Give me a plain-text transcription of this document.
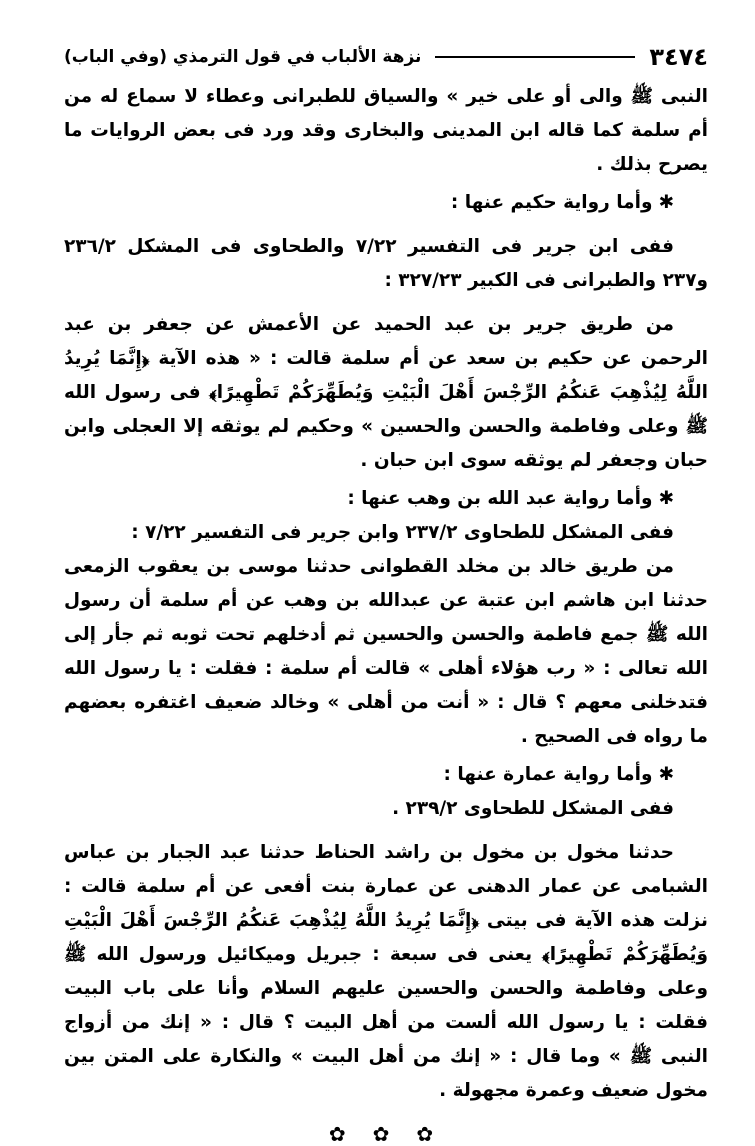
٣٤٧٤
نزهة الألباب في قول الترمذي (وفي الباب)

النبى ﷺ والى أو على خير » والسياق للطبرانى وعطاء لا سماع له من أم سلمة كما قاله ابن المدينى والبخارى وقد ورد فى بعض الروايات ما يصرح بذلك .

✱وأما رواية حكيم عنها :

ففى ابن جرير فى التفسير ٧/٢٢ والطحاوى فى المشكل ٢٣٦/٢ و٢٣٧ والطبرانى فى الكبير ٣٢٧/٢٣ :

من طريق جرير بن عبد الحميد عن الأعمش عن جعفر بن عبد الرحمن عن حكيم بن سعد عن أم سلمة قالت : « هذه الآية ﴿إِنَّمَا يُرِيدُ اللَّهُ لِيُذْهِبَ عَنكُمُ الرِّجْسَ أَهْلَ الْبَيْتِ وَيُطَهِّرَكُمْ تَطْهِيرًا﴾ فى رسول الله ﷺ وعلى وفاطمة والحسن والحسين » وحكيم لم يوثقه إلا العجلى وابن حبان وجعفر لم يوثقه سوى ابن حبان .

✱وأما رواية عبد الله بن وهب عنها :

ففى المشكل للطحاوى ٢٣٧/٢ وابن جرير فى التفسير ٧/٢٢ :

من طريق خالد بن مخلد القطوانى حدثنا موسى بن يعقوب الزمعى حدثنا ابن هاشم ابن عتبة عن عبدالله بن وهب عن أم سلمة أن رسول الله ﷺ جمع فاطمة والحسن والحسين ثم أدخلهم تحت ثوبه ثم جأر إلى الله تعالى : « رب هؤلاء أهلى » قالت أم سلمة : فقلت : يا رسول الله فتدخلنى معهم ؟ قال : « أنت من أهلى » وخالد ضعيف اغتفره بعضهم ما رواه فى الصحيح .

✱وأما رواية عمارة عنها :

ففى المشكل للطحاوى ٢٣٩/٢ .

حدثنا مخول بن مخول بن راشد الحناط حدثنا عبد الجبار بن عباس الشبامى عن عمار الدهنى عن عمارة بنت أفعى عن أم سلمة قالت : نزلت هذه الآية فى بيتى ﴿إِنَّمَا يُرِيدُ اللَّهُ لِيُذْهِبَ عَنكُمُ الرِّجْسَ أَهْلَ الْبَيْتِ وَيُطَهِّرَكُمْ تَطْهِيرًا﴾ يعنى فى سبعة : جبريل وميكائيل ورسول الله ﷺ وعلى وفاطمة والحسن والحسين عليهم السلام وأنا على باب البيت فقلت : يا رسول الله ألست من أهل البيت ؟ قال : « إنك من أزواج النبى ﷺ » وما قال : « إنك من أهل البيت » والنكارة على المتن بين مخول ضعيف وعمرة مجهولة .

✿ ✿ ✿
